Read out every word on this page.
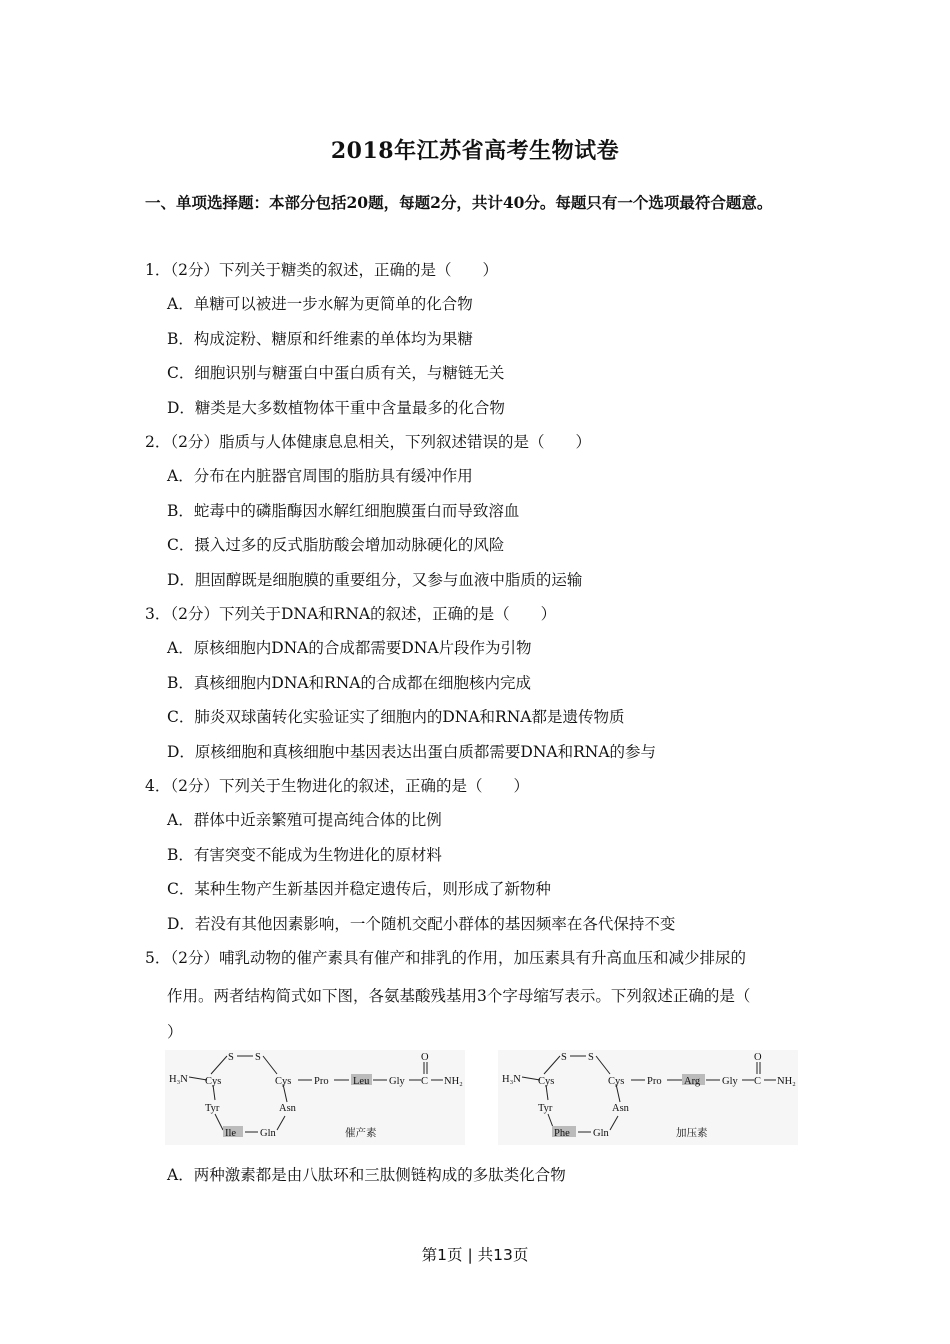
2018年江苏省高考生物试卷
一、单项选择题：本部分包括20题，每题2分，共计40分。每题只有一个选项最符合题意。
1．（2分）下列关于糖类的叙述，正确的是（　　）
A．单糖可以被进一步水解为更简单的化合物
B．构成淀粉、糖原和纤维素的单体均为果糖
C．细胞识别与糖蛋白中蛋白质有关，与糖链无关
D．糖类是大多数植物体干重中含量最多的化合物
2．（2分）脂质与人体健康息息相关，下列叙述错误的是（　　）
A．分布在内脏器官周围的脂肪具有缓冲作用
B．蛇毒中的磷脂酶因水解红细胞膜蛋白而导致溶血
C．摄入过多的反式脂肪酸会增加动脉硬化的风险
D．胆固醇既是细胞膜的重要组分，又参与血液中脂质的运输
3．（2分）下列关于DNA和RNA的叙述，正确的是（　　）
A．原核细胞内DNA的合成都需要DNA片段作为引物
B．真核细胞内DNA和RNA的合成都在细胞核内完成
C．肺炎双球菌转化实验证实了细胞内的DNA和RNA都是遗传物质
D．原核细胞和真核细胞中基因表达出蛋白质都需要DNA和RNA的参与
4．（2分）下列关于生物进化的叙述，正确的是（　　）
A．群体中近亲繁殖可提高纯合体的比例
B．有害突变不能成为生物进化的原材料
C．某种生物产生新基因并稳定遗传后，则形成了新物种
D．若没有其他因素影响，一个随机交配小群体的基因频率在各代保持不变
5．（2分）哺乳动物的催产素具有催产和排乳的作用，加压素具有升高血压和减少排尿的
作用。两者结构简式如下图，各氨基酸残基用3个字母缩写表示。下列叙述正确的是（
）
H₃N Cys
S S
Tyr
Ile Gln
Asn
Cys Pro Leu Gly C
O
NH₂
催产素
H₃N Cys
S S
Tyr
Phe Gln
Asn
Cys Pro Arg Gly C
O
NH₂
加压素
A．两种激素都是由八肽环和三肽侧链构成的多肽类化合物
第1页 | 共13页
